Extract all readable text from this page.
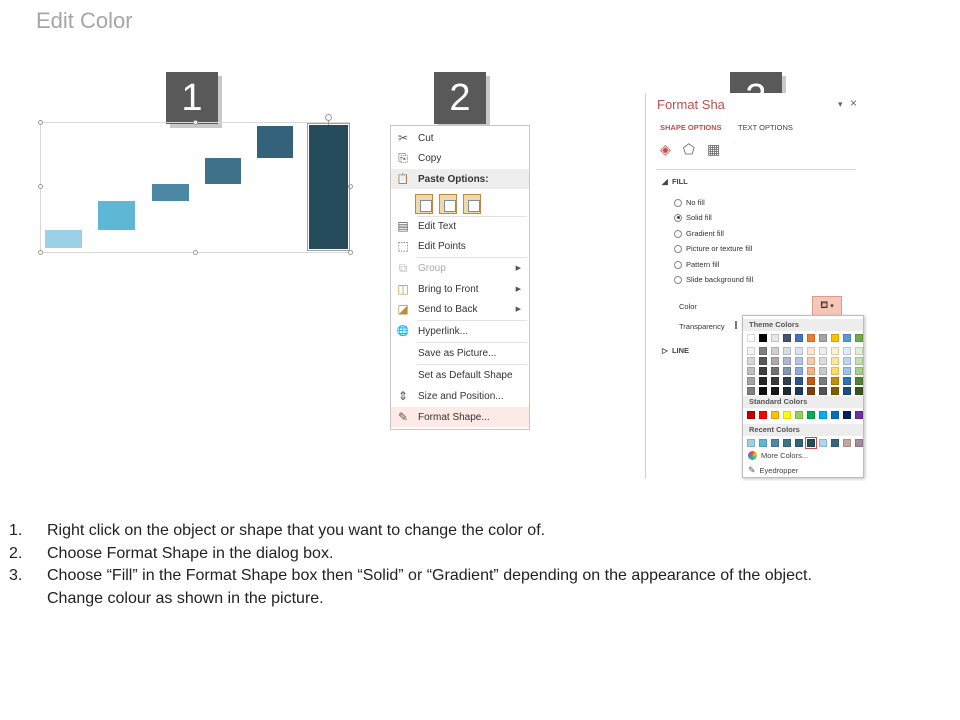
Edit Color
1	2
✂ Cut
⎘	Copy
📋 Paste Options:
▤ Edit Text
⬚ Edit Points
⧉	Group	▶
◫ Bring to Front	▶
◪ Send to Back	▶
🌐 Hyperlink...
Save as Picture...
Set as Default Shape
⇕ Size and Position...
✎ Format Shape...
Format Sha	▾ ×
SHAPE OPTIONS TEXT OPTIONS
◈ ⬠ ▦
◢  FILL
No fill
Solid fill
Gradient fill
Picture or texture fill
Pattern fill
Slide background fill
Color	⛾ ▾
Transparency
▷  LINE
Theme Colors
Standard Colors
Recent Colors
More Colors...
✎ Eyedropper
1. Right click on the object or shape that you want to change the color of.
2. Choose Format Shape in the dialog box.
3. Choose “Fill” in the Format Shape box then “Solid” or “Gradient” depending on the appearance of the object.
Change colour as shown in the picture.
